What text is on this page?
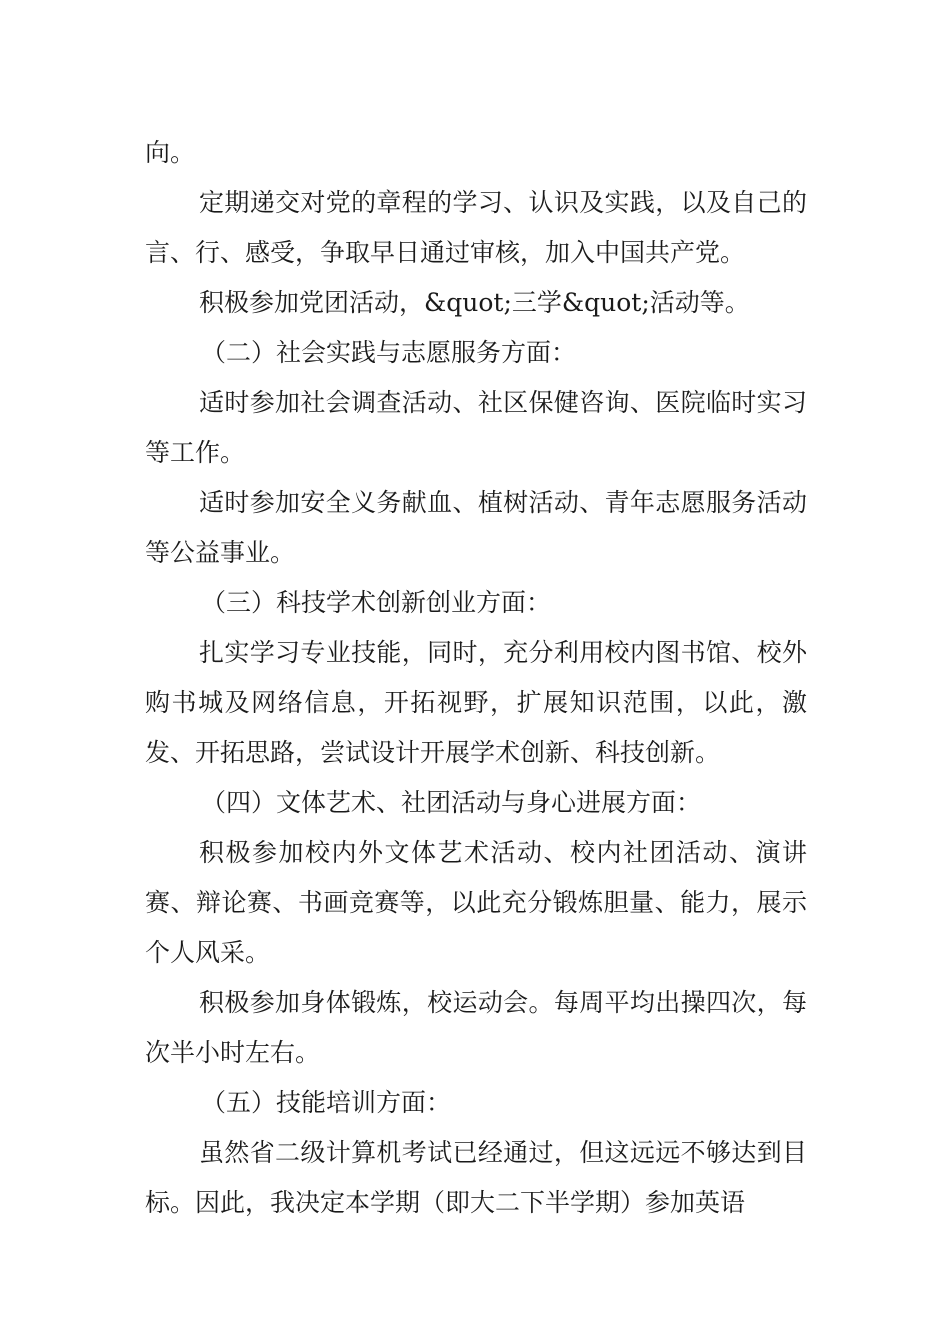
向。

定期递交对党的章程的学习、认识及实践，以及自己的言、行、感受，争取早日通过审核，加入中国共产党。

积极参加党团活动，&quot;三学&quot;活动等。

（二）社会实践与志愿服务方面：

适时参加社会调查活动、社区保健咨询、医院临时实习等工作。

适时参加安全义务献血、植树活动、青年志愿服务活动等公益事业。

（三）科技学术创新创业方面：

扎实学习专业技能，同时，充分利用校内图书馆、校外购书城及网络信息，开拓视野，扩展知识范围，以此，激发、开拓思路，尝试设计开展学术创新、科技创新。

（四）文体艺术、社团活动与身心进展方面：

积极参加校内外文体艺术活动、校内社团活动、演讲赛、辩论赛、书画竞赛等，以此充分锻炼胆量、能力，展示个人风采。

积极参加身体锻炼，校运动会。每周平均出操四次，每次半小时左右。

（五）技能培训方面：

虽然省二级计算机考试已经通过，但这远远不够达到目标。因此，我决定本学期（即大二下半学期）参加英语
